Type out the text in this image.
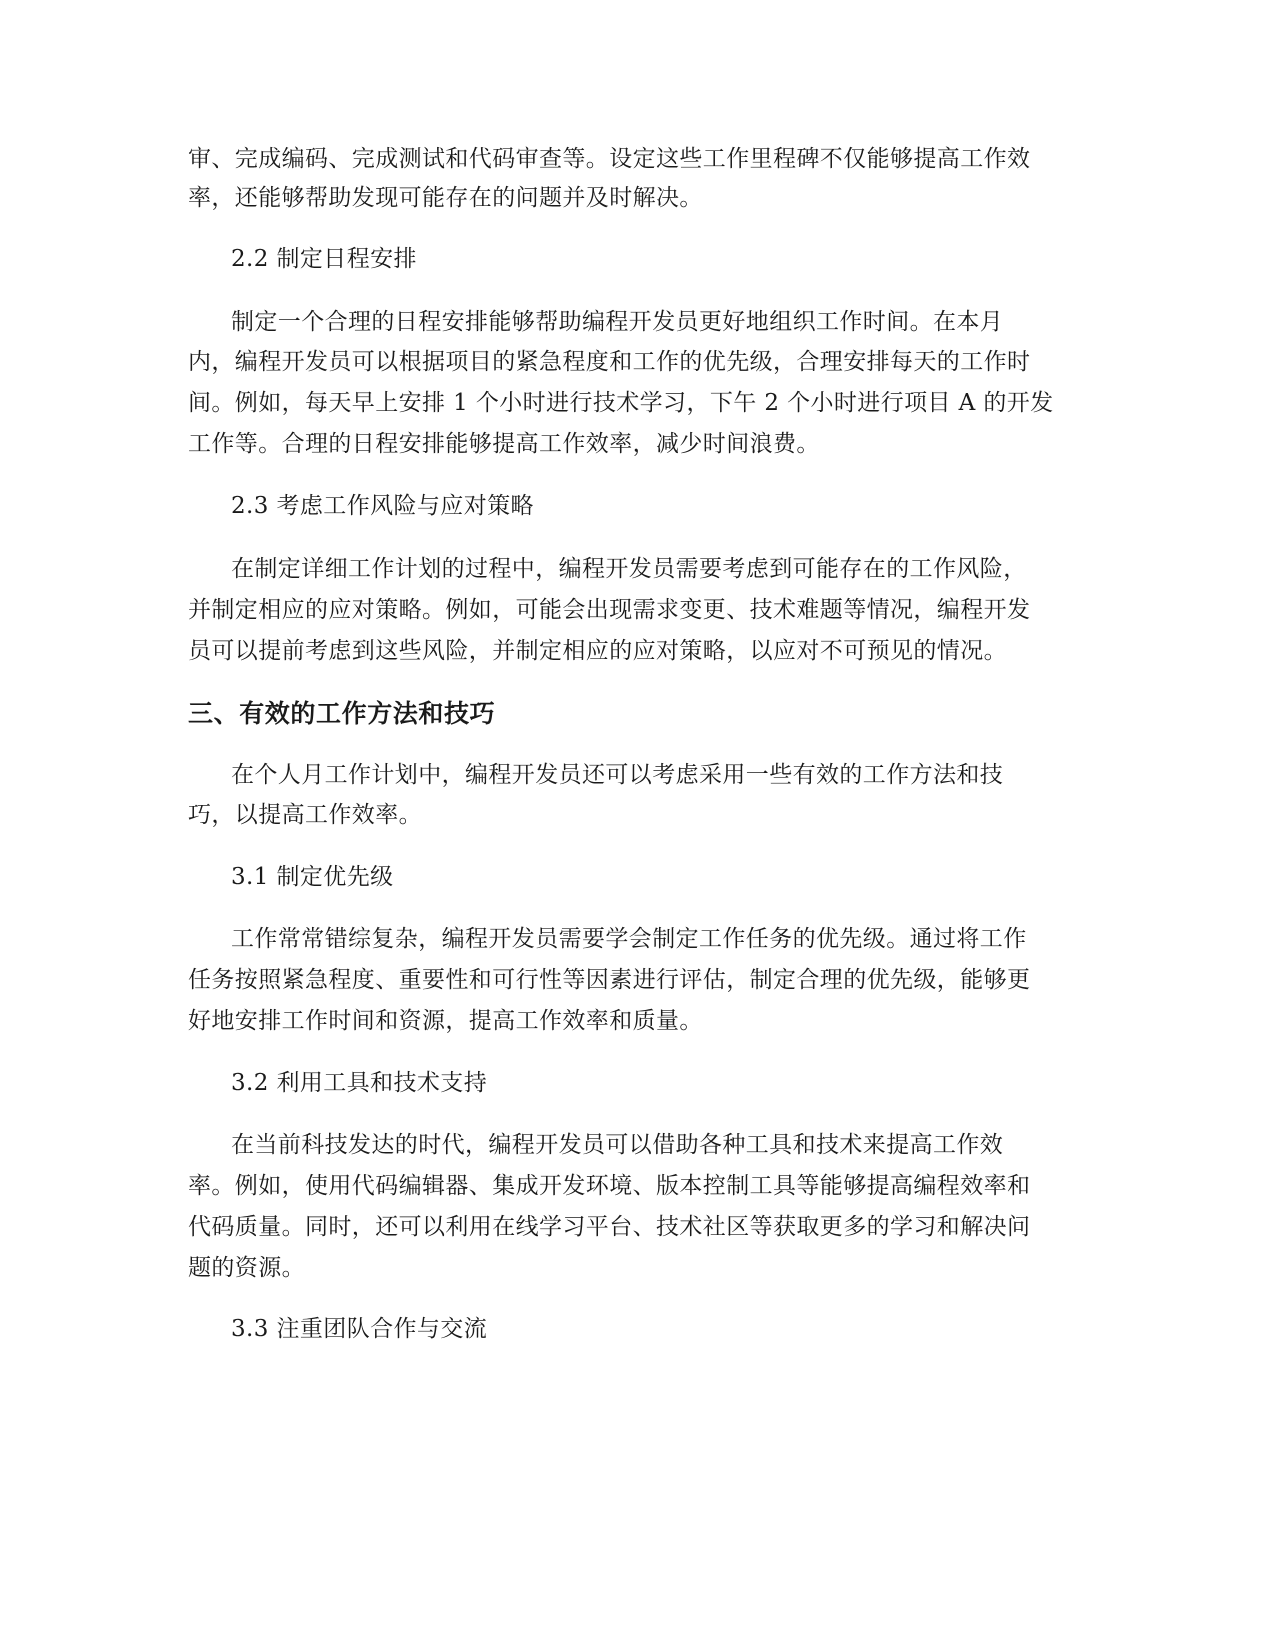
审、完成编码、完成测试和代码审查等。设定这些工作里程碑不仅能够提高工作效
率，还能够帮助发现可能存在的问题并及时解决。
2.2 制定日程安排
制定一个合理的日程安排能够帮助编程开发员更好地组织工作时间。在本月
内，编程开发员可以根据项目的紧急程度和工作的优先级，合理安排每天的工作时
间。例如，每天早上安排 1 个小时进行技术学习，下午 2 个小时进行项目 A 的开发
工作等。合理的日程安排能够提高工作效率，减少时间浪费。
2.3 考虑工作风险与应对策略
在制定详细工作计划的过程中，编程开发员需要考虑到可能存在的工作风险，
并制定相应的应对策略。例如，可能会出现需求变更、技术难题等情况，编程开发
员可以提前考虑到这些风险，并制定相应的应对策略，以应对不可预见的情况。
三、有效的工作方法和技巧
在个人月工作计划中，编程开发员还可以考虑采用一些有效的工作方法和技
巧，以提高工作效率。
3.1 制定优先级
工作常常错综复杂，编程开发员需要学会制定工作任务的优先级。通过将工作
任务按照紧急程度、重要性和可行性等因素进行评估，制定合理的优先级，能够更
好地安排工作时间和资源，提高工作效率和质量。
3.2 利用工具和技术支持
在当前科技发达的时代，编程开发员可以借助各种工具和技术来提高工作效
率。例如，使用代码编辑器、集成开发环境、版本控制工具等能够提高编程效率和
代码质量。同时，还可以利用在线学习平台、技术社区等获取更多的学习和解决问
题的资源。
3.3 注重团队合作与交流
